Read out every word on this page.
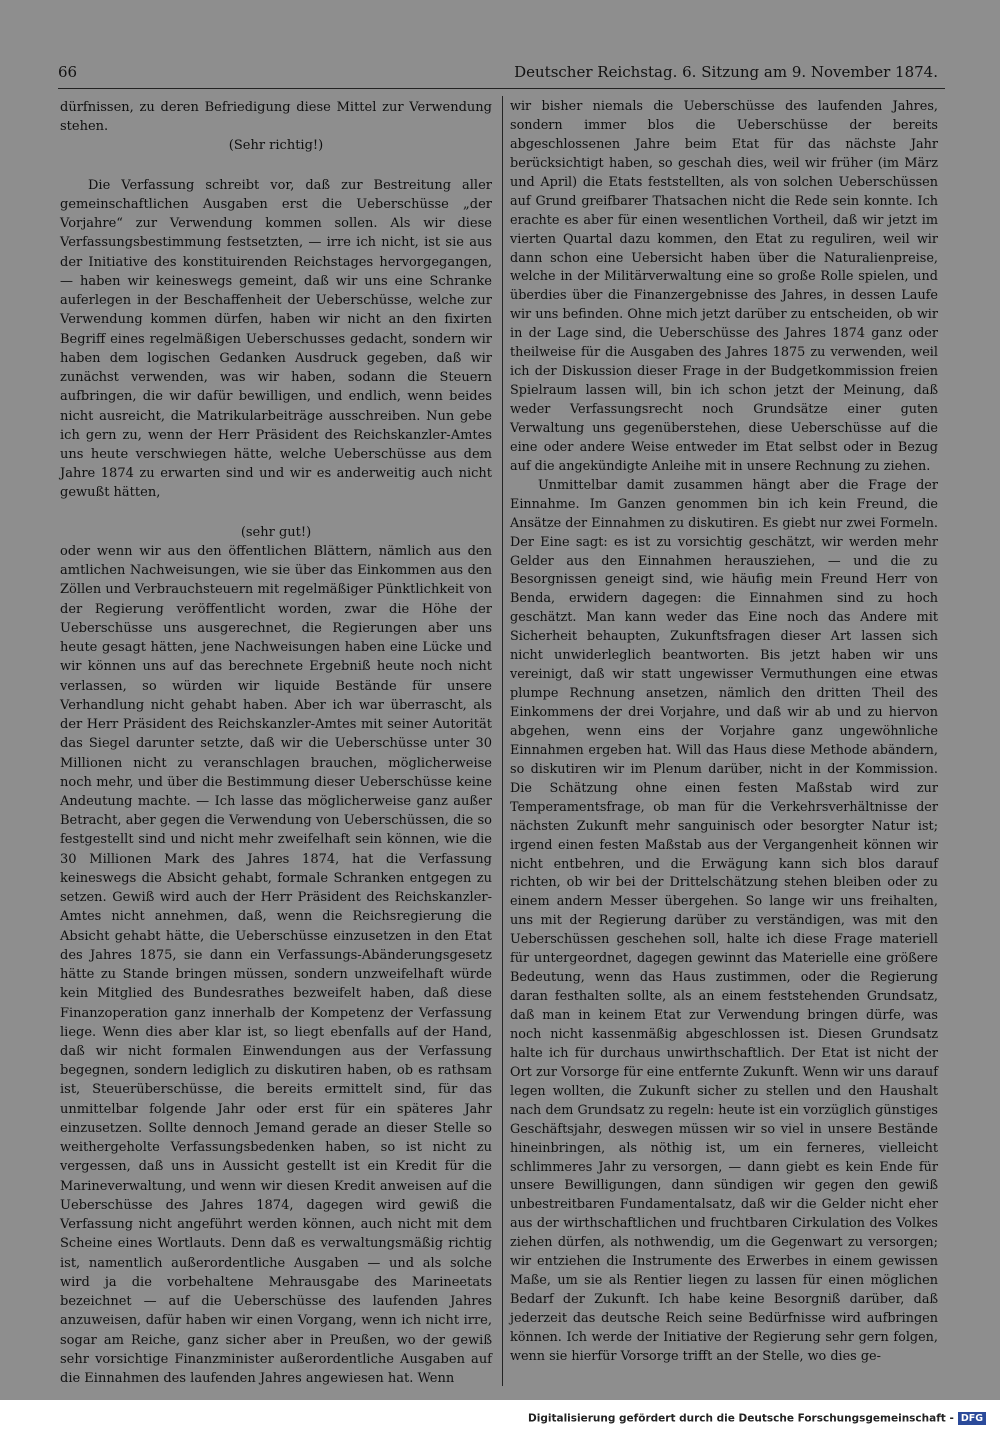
66	Deutscher Reichstag. 6. Sitzung am 9. November 1874.

dürfnissen, zu deren Befriedigung diese Mittel zur Verwendung stehen.

(Sehr richtig!)

Die Verfassung schreibt vor, daß zur Bestreitung aller gemeinschaftlichen Ausgaben erst die Ueberschüsse „der Vorjahre“ zur Verwendung kommen sollen. Als wir diese Verfassungsbestimmung festsetzten, — irre ich nicht, ist sie aus der Initiative des konstituirenden Reichstages hervorgegangen, — haben wir keineswegs gemeint, daß wir uns eine Schranke auferlegen in der Beschaffenheit der Ueberschüsse, welche zur Verwendung kommen dürfen, haben wir nicht an den fixirten Begriff eines regelmäßigen Ueberschusses gedacht, sondern wir haben dem logischen Gedanken Ausdruck gegeben, daß wir zunächst verwenden, was wir haben, sodann die Steuern aufbringen, die wir dafür bewilligen, und endlich, wenn beides nicht ausreicht, die Matrikularbeiträge ausschreiben. Nun gebe ich gern zu, wenn der Herr Präsident des Reichskanzler-Amtes uns heute verschwiegen hätte, welche Ueberschüsse aus dem Jahre 1874 zu erwarten sind und wir es anderweitig auch nicht gewußt hätten,

(sehr gut!)

oder wenn wir aus den öffentlichen Blättern, nämlich aus den amtlichen Nachweisungen, wie sie über das Einkommen aus den Zöllen und Verbrauchsteuern mit regelmäßiger Pünktlichkeit von der Regierung veröffentlicht worden, zwar die Höhe der Ueberschüsse uns ausgerechnet, die Regierungen aber uns heute gesagt hätten, jene Nachweisungen haben eine Lücke und wir können uns auf das berechnete Ergebniß heute noch nicht verlassen, so würden wir liquide Bestände für unsere Verhandlung nicht gehabt haben. Aber ich war überrascht, als der Herr Präsident des Reichskanzler-Amtes mit seiner Autorität das Siegel darunter setzte, daß wir die Ueberschüsse unter 30 Millionen nicht zu veranschlagen brauchen, möglicherweise noch mehr, und über die Bestimmung dieser Ueberschüsse keine Andeutung machte. — Ich lasse das möglicherweise ganz außer Betracht, aber gegen die Verwendung von Ueberschüssen, die so festgestellt sind und nicht mehr zweifelhaft sein können, wie die 30 Millionen Mark des Jahres 1874, hat die Verfassung keineswegs die Absicht gehabt, formale Schranken entgegen zu setzen. Gewiß wird auch der Herr Präsident des Reichskanzler-Amtes nicht annehmen, daß, wenn die Reichsregierung die Absicht gehabt hätte, die Ueberschüsse einzusetzen in den Etat des Jahres 1875, sie dann ein Verfassungs-Abänderungsgesetz hätte zu Stande bringen müssen, sondern unzweifelhaft würde kein Mitglied des Bundesrathes bezweifelt haben, daß diese Finanzoperation ganz innerhalb der Kompetenz der Verfassung liege. Wenn dies aber klar ist, so liegt ebenfalls auf der Hand, daß wir nicht formalen Einwendungen aus der Verfassung begegnen, sondern lediglich zu diskutiren haben, ob es rathsam ist, Steuerüberschüsse, die bereits ermittelt sind, für das unmittelbar folgende Jahr oder erst für ein späteres Jahr einzusetzen. Sollte dennoch Jemand gerade an dieser Stelle so weithergeholte Verfassungsbedenken haben, so ist nicht zu vergessen, daß uns in Aussicht gestellt ist ein Kredit für die Marineverwaltung, und wenn wir diesen Kredit anweisen auf die Ueberschüsse des Jahres 1874, dagegen wird gewiß die Verfassung nicht angeführt werden können, auch nicht mit dem Scheine eines Wortlauts. Denn daß es verwaltungsmäßig richtig ist, namentlich außerordentliche Ausgaben — und als solche wird ja die vorbehaltene Mehrausgabe des Marineetats bezeichnet — auf die Ueberschüsse des laufenden Jahres anzuweisen, dafür haben wir einen Vorgang, wenn ich nicht irre, sogar am Reiche, ganz sicher aber in Preußen, wo der gewiß sehr vorsichtige Finanzminister außerordentliche Ausgaben auf die Einnahmen des laufenden Jahres angewiesen hat. Wenn

wir bisher niemals die Ueberschüsse des laufenden Jahres, sondern immer blos die Ueberschüsse der bereits abgeschlossenen Jahre beim Etat für das nächste Jahr berücksichtigt haben, so geschah dies, weil wir früher (im März und April) die Etats feststellten, als von solchen Ueberschüssen auf Grund greifbarer Thatsachen nicht die Rede sein konnte. Ich erachte es aber für einen wesentlichen Vortheil, daß wir jetzt im vierten Quartal dazu kommen, den Etat zu reguliren, weil wir dann schon eine Uebersicht haben über die Naturalienpreise, welche in der Militärverwaltung eine so große Rolle spielen, und überdies über die Finanzergebnisse des Jahres, in dessen Laufe wir uns befinden. Ohne mich jetzt darüber zu entscheiden, ob wir in der Lage sind, die Ueberschüsse des Jahres 1874 ganz oder theilweise für die Ausgaben des Jahres 1875 zu verwenden, weil ich der Diskussion dieser Frage in der Budgetkommission freien Spielraum lassen will, bin ich schon jetzt der Meinung, daß weder Verfassungsrecht noch Grundsätze einer guten Verwaltung uns gegenüberstehen, diese Ueberschüsse auf die eine oder andere Weise entweder im Etat selbst oder in Bezug auf die angekündigte Anleihe mit in unsere Rechnung zu ziehen.

Unmittelbar damit zusammen hängt aber die Frage der Einnahme. Im Ganzen genommen bin ich kein Freund, die Ansätze der Einnahmen zu diskutiren. Es giebt nur zwei Formeln. Der Eine sagt: es ist zu vorsichtig geschätzt, wir werden mehr Gelder aus den Einnahmen herausziehen, — und die zu Besorgnissen geneigt sind, wie häufig mein Freund Herr von Benda, erwidern dagegen: die Einnahmen sind zu hoch geschätzt. Man kann weder das Eine noch das Andere mit Sicherheit behaupten, Zukunftsfragen dieser Art lassen sich nicht unwiderleglich beantworten. Bis jetzt haben wir uns vereinigt, daß wir statt ungewisser Vermuthungen eine etwas plumpe Rechnung ansetzen, nämlich den dritten Theil des Einkommens der drei Vorjahre, und daß wir ab und zu hiervon abgehen, wenn eins der Vorjahre ganz ungewöhnliche Einnahmen ergeben hat. Will das Haus diese Methode abändern, so diskutiren wir im Plenum darüber, nicht in der Kommission. Die Schätzung ohne einen festen Maßstab wird zur Temperamentsfrage, ob man für die Verkehrsverhältnisse der nächsten Zukunft mehr sanguinisch oder besorgter Natur ist; irgend einen festen Maßstab aus der Vergangenheit können wir nicht entbehren, und die Erwägung kann sich blos darauf richten, ob wir bei der Drittelschätzung stehen bleiben oder zu einem andern Messer übergehen. So lange wir uns freihalten, uns mit der Regierung darüber zu verständigen, was mit den Ueberschüssen geschehen soll, halte ich diese Frage materiell für untergeordnet, dagegen gewinnt das Materielle eine größere Bedeutung, wenn das Haus zustimmen, oder die Regierung daran festhalten sollte, als an einem feststehenden Grundsatz, daß man in keinem Etat zur Verwendung bringen dürfe, was noch nicht kassenmäßig abgeschlossen ist. Diesen Grundsatz halte ich für durchaus unwirthschaftlich. Der Etat ist nicht der Ort zur Vorsorge für eine entfernte Zukunft. Wenn wir uns darauf legen wollten, die Zukunft sicher zu stellen und den Haushalt nach dem Grundsatz zu regeln: heute ist ein vorzüglich günstiges Geschäftsjahr, deswegen müssen wir so viel in unsere Bestände hineinbringen, als nöthig ist, um ein ferneres, vielleicht schlimmeres Jahr zu versorgen, — dann giebt es kein Ende für unsere Bewilligungen, dann sündigen wir gegen den gewiß unbestreitbaren Fundamentalsatz, daß wir die Gelder nicht eher aus der wirthschaftlichen und fruchtbaren Cirkulation des Volkes ziehen dürfen, als nothwendig, um die Gegenwart zu versorgen; wir entziehen die Instrumente des Erwerbes in einem gewissen Maße, um sie als Rentier liegen zu lassen für einen möglichen Bedarf der Zukunft. Ich habe keine Besorgniß darüber, daß jederzeit das deutsche Reich seine Bedürfnisse wird aufbringen können. Ich werde der Initiative der Regierung sehr gern folgen, wenn sie hierfür Vorsorge trifft an der Stelle, wo dies ge-

Digitalisierung gefördert durch die Deutsche Forschungsgemeinschaft - DFG
